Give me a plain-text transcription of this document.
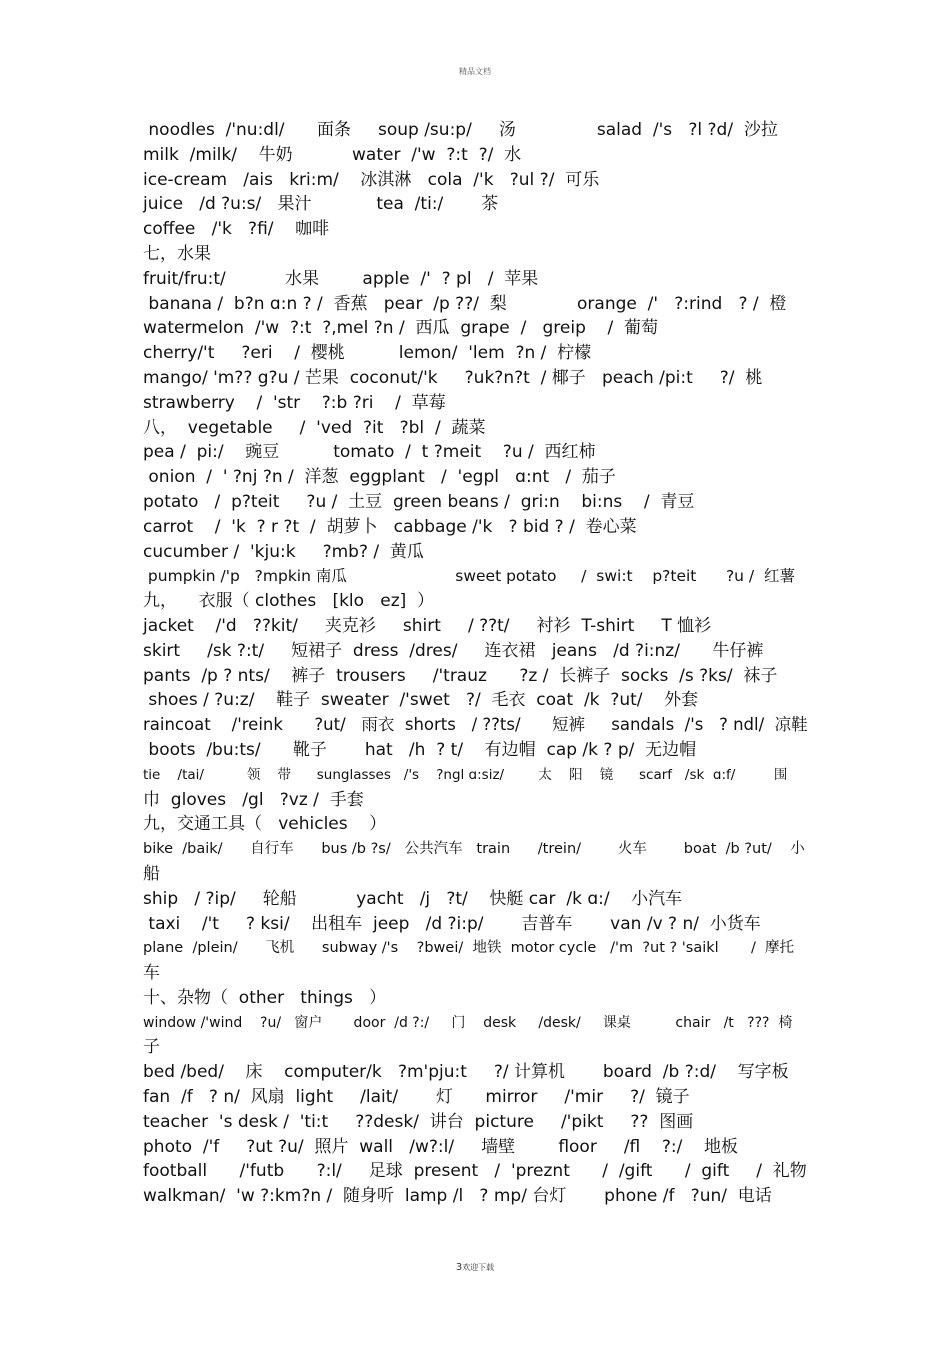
精品文档
noodles  /'nu:dl/      面条     soup /su:p/     汤               salad  /'s   ?l ?d/  沙拉
milk  /milk/    牛奶           water  /'w  ?:t  ?/  水
ice-cream   /ais   kri:m/    冰淇淋   cola  /'k   ?ul ?/  可乐
juice   /d ?u:s/   果汁            tea  /ti:/       茶
coffee   /'k   ?fi/    咖啡
七，水果
fruit/fru:t/           水果        apple  /'  ? pl   /  苹果
banana /  b?n ɑ:n ? /  香蕉   pear  /p ??/  梨             orange  /'   ?:rind   ? /  橙
watermelon  /'w  ?:t  ?,mel ?n /  西瓜  grape  /   greip    /  葡萄
cherry/'t     ?eri    /  樱桃          lemon/  'lem  ?n /  柠檬
mango/ 'm?? g?u / 芒果  coconut/'k     ?uk?n?t  / 椰子   peach /pi:t     ?/  桃
strawberry    /  'str    ?:b ?ri    /  草莓
八，  vegetable     /  'ved  ?it   ?bl  /  蔬菜
pea /  pi:/    豌豆          tomato  /  t ?meit    ?u /  西红柿
onion  /  ' ?nj ?n /  洋葱  eggplant   /  'egpl   ɑ:nt   /  茄子
potato   /  p?teit     ?u /  土豆  green beans /  gri:n    bi:ns    /  青豆
carrot    /  'k  ? r ?t  /  胡萝卜   cabbage /'k   ? bid ? /  卷心菜
cucumber /  'kju:k     ?mb? /  黄瓜
pumpkin /'p   ?mpkin 南瓜                      sweet potato     /  swi:t    p?teit      ?u /  红薯
九，    衣服（ clothes   [klo   ez]  ）
jacket    /'d   ??kit/     夹克衫     shirt     / ??t/     衬衫  T-shirt     T 恤衫
skirt     /sk ?:t/     短裙子  dress  /dres/     连衣裙   jeans   /d ?i:nz/      牛仔裤
pants  /p ? nts/    裤子  trousers     /'trauz      ?z /  长裤子  socks  /s ?ks/  袜子
shoes / ?u:z/    鞋子  sweater  /'swet   ?/  毛衣  coat  /k  ?ut/    外套
raincoat    /'reink      ?ut/   雨衣  shorts   / ??ts/      短裤     sandals  /'s   ? ndl/  凉鞋
boots  /bu:ts/      靴子       hat   /h  ? t/    有边帽  cap /k ? p/  无边帽
tie    /tai/          领    带      sunglasses   /'s    ?ngl ɑ:siz/        太    阳    镜      scarf   /sk  ɑ:f/         围
巾  gloves   /gl   ?vz /  手套
九，交通工具（   vehicles    ）
bike  /baik/      自行车      bus /b ?s/   公共汽车   train      /trein/        火车        boat  /b ?ut/    小
船
ship   / ?ip/     轮船           yacht   /j   ?t/    快艇 car  /k ɑ:/    小汽车
taxi    /'t     ? ksi/    出租车  jeep   /d ?i:p/       吉普车       van /v ? n/  小货车
plane  /plein/      飞机      subway /'s    ?bwei/  地铁  motor cycle   /'m  ?ut ? 'saikl       /  摩托
车
十、杂物（  other   things   ）
window /'wind    ?u/   窗户       door  /d ?:/     门    desk     /desk/     课桌          chair   /t   ???  椅
子
bed /bed/    床    computer/k   ?m'pju:t     ?/ 计算机       board  /b ?:d/    写字板
fan  /f   ? n/  风扇  light     /lait/       灯      mirror     /'mir     ?/  镜子
teacher  's desk /  'ti:t     ??desk/  讲台  picture     /'pikt     ??  图画
photo  /'f     ?ut ?u/  照片  wall   /w?:l/     墙壁        floor     /fl    ?:/    地板
football      /'futb      ?:l/     足球  present   /  'preznt      /  /gift      /  gift     /  礼物
walkman/  'w ?:km?n /  随身听  lamp /l   ? mp/ 台灯       phone /f   ?un/  电话
3欢迎下载
